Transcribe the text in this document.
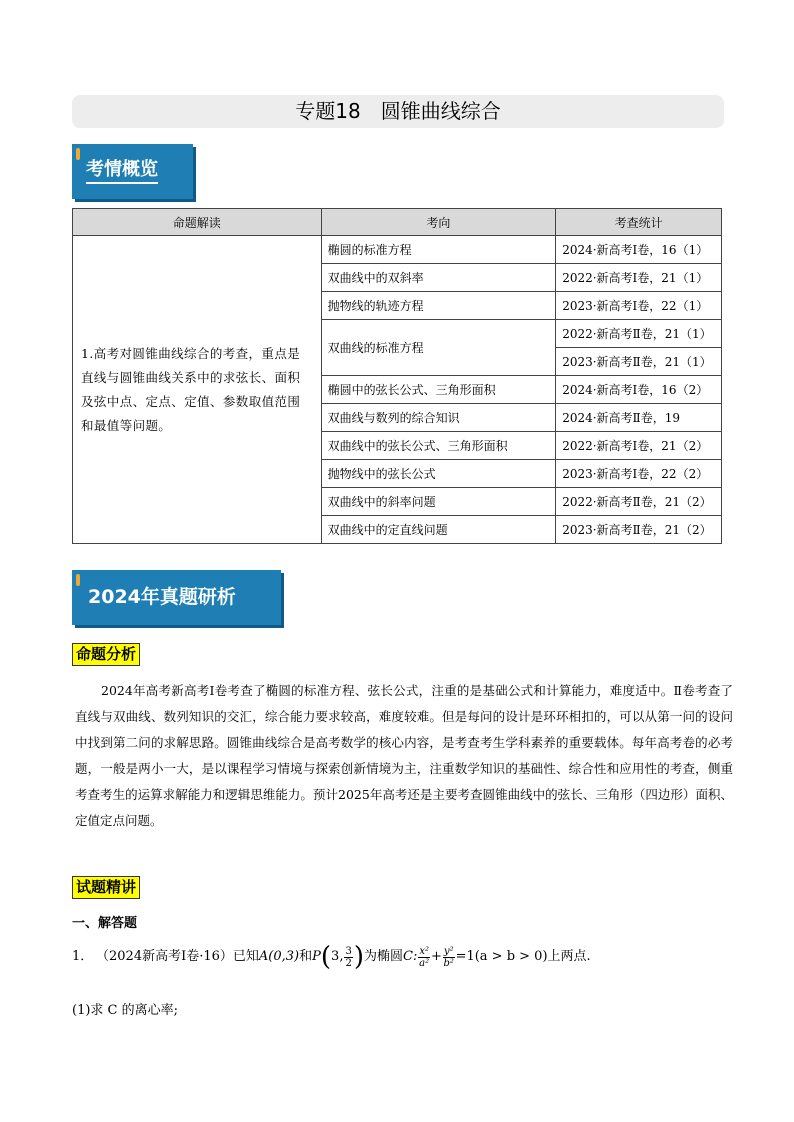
专题18　圆锥曲线综合
考情概览
命题解读	考向	考查统计
1.高考对圆锥曲线综合的考查，重点是直线与圆锥曲线关系中的求弦长、面积及弦中点、定点、定值、参数取值范围和最值等问题。	椭圆的标准方程	2024·新高考Ⅰ卷，16（1）
	双曲线中的双斜率	2022·新高考Ⅰ卷，21（1）
	抛物线的轨迹方程	2023·新高考Ⅰ卷，22（1）
	双曲线的标准方程	2022·新高考Ⅱ卷，21（1）
		2023·新高考Ⅱ卷，21（1）
	椭圆中的弦长公式、三角形面积	2024·新高考Ⅰ卷，16（2）
	双曲线与数列的综合知识	2024·新高考Ⅱ卷，19
	双曲线中的弦长公式、三角形面积	2022·新高考Ⅰ卷，21（2）
	抛物线中的弦长公式	2023·新高考Ⅰ卷，22（2）
	双曲线中的斜率问题	2022·新高考Ⅱ卷，21（2）
	双曲线中的定直线问题	2023·新高考Ⅱ卷，21（2）
2024年真题研析
命题分析
2024年高考新高考Ⅰ卷考查了椭圆的标准方程、弦长公式，注重的是基础公式和计算能力，难度适中。Ⅱ卷考查了直线与双曲线、数列知识的交汇，综合能力要求较高，难度较难。但是每问的设计是环环相扣的，可以从第一问的设问中找到第二问的求解思路。圆锥曲线综合是高考数学的核心内容，是考查考生学科素养的重要载体。每年高考卷的必考题，一般是两小一大，是以课程学习情境与探索创新情境为主，注重数学知识的基础性、综合性和应用性的考查，侧重考查考生的运算求解能力和逻辑思维能力。预计2025年高考还是主要考查圆锥曲线中的弦长、三角形（四边形）面积、定值定点问题。
试题精讲
一、解答题
1． （2024新高考Ⅰ卷·16）已知 A(0,3) 和 P ( 3, $\frac{3}{2}$ ) 为椭圆 C: $\frac{\text{x²}}{\text{a²}} + \frac{\text{y²}}{\text{b²}} =1(a > b > 0)$ 上两点.
(1)求 C 的离心率;
